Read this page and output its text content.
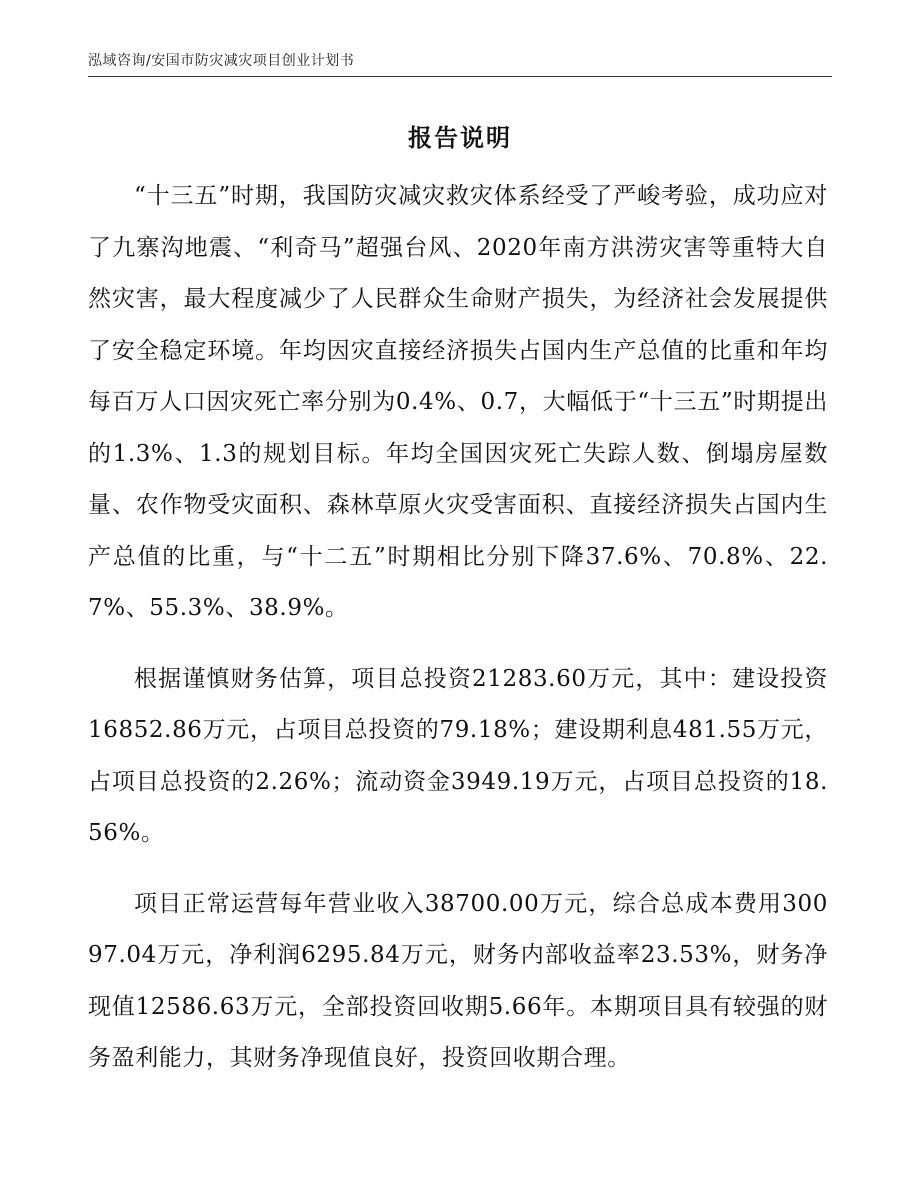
泓域咨询/安国市防灾减灾项目创业计划书
报告说明

“十三五”时期，我国防灾减灾救灾体系经受了严峻考验，成功应对了九寨沟地震、“利奇马”超强台风、2020年南方洪涝灾害等重特大自然灾害，最大程度减少了人民群众生命财产损失，为经济社会发展提供了安全稳定环境。年均因灾直接经济损失占国内生产总值的比重和年均每百万人口因灾死亡率分别为0.4%、0.7，大幅低于“十三五”时期提出的1.3%、1.3的规划目标。年均全国因灾死亡失踪人数、倒塌房屋数量、农作物受灾面积、森林草原火灾受害面积、直接经济损失占国内生产总值的比重，与“十二五”时期相比分别下降37.6%、70.8%、22.7%、55.3%、38.9%。

根据谨慎财务估算，项目总投资21283.60万元，其中：建设投资16852.86万元，占项目总投资的79.18%；建设期利息481.55万元，占项目总投资的2.26%；流动资金3949.19万元，占项目总投资的18.56%。

项目正常运营每年营业收入38700.00万元，综合总成本费用30097.04万元，净利润6295.84万元，财务内部收益率23.53%，财务净现值12586.63万元，全部投资回收期5.66年。本期项目具有较强的财务盈利能力，其财务净现值良好，投资回收期合理。
